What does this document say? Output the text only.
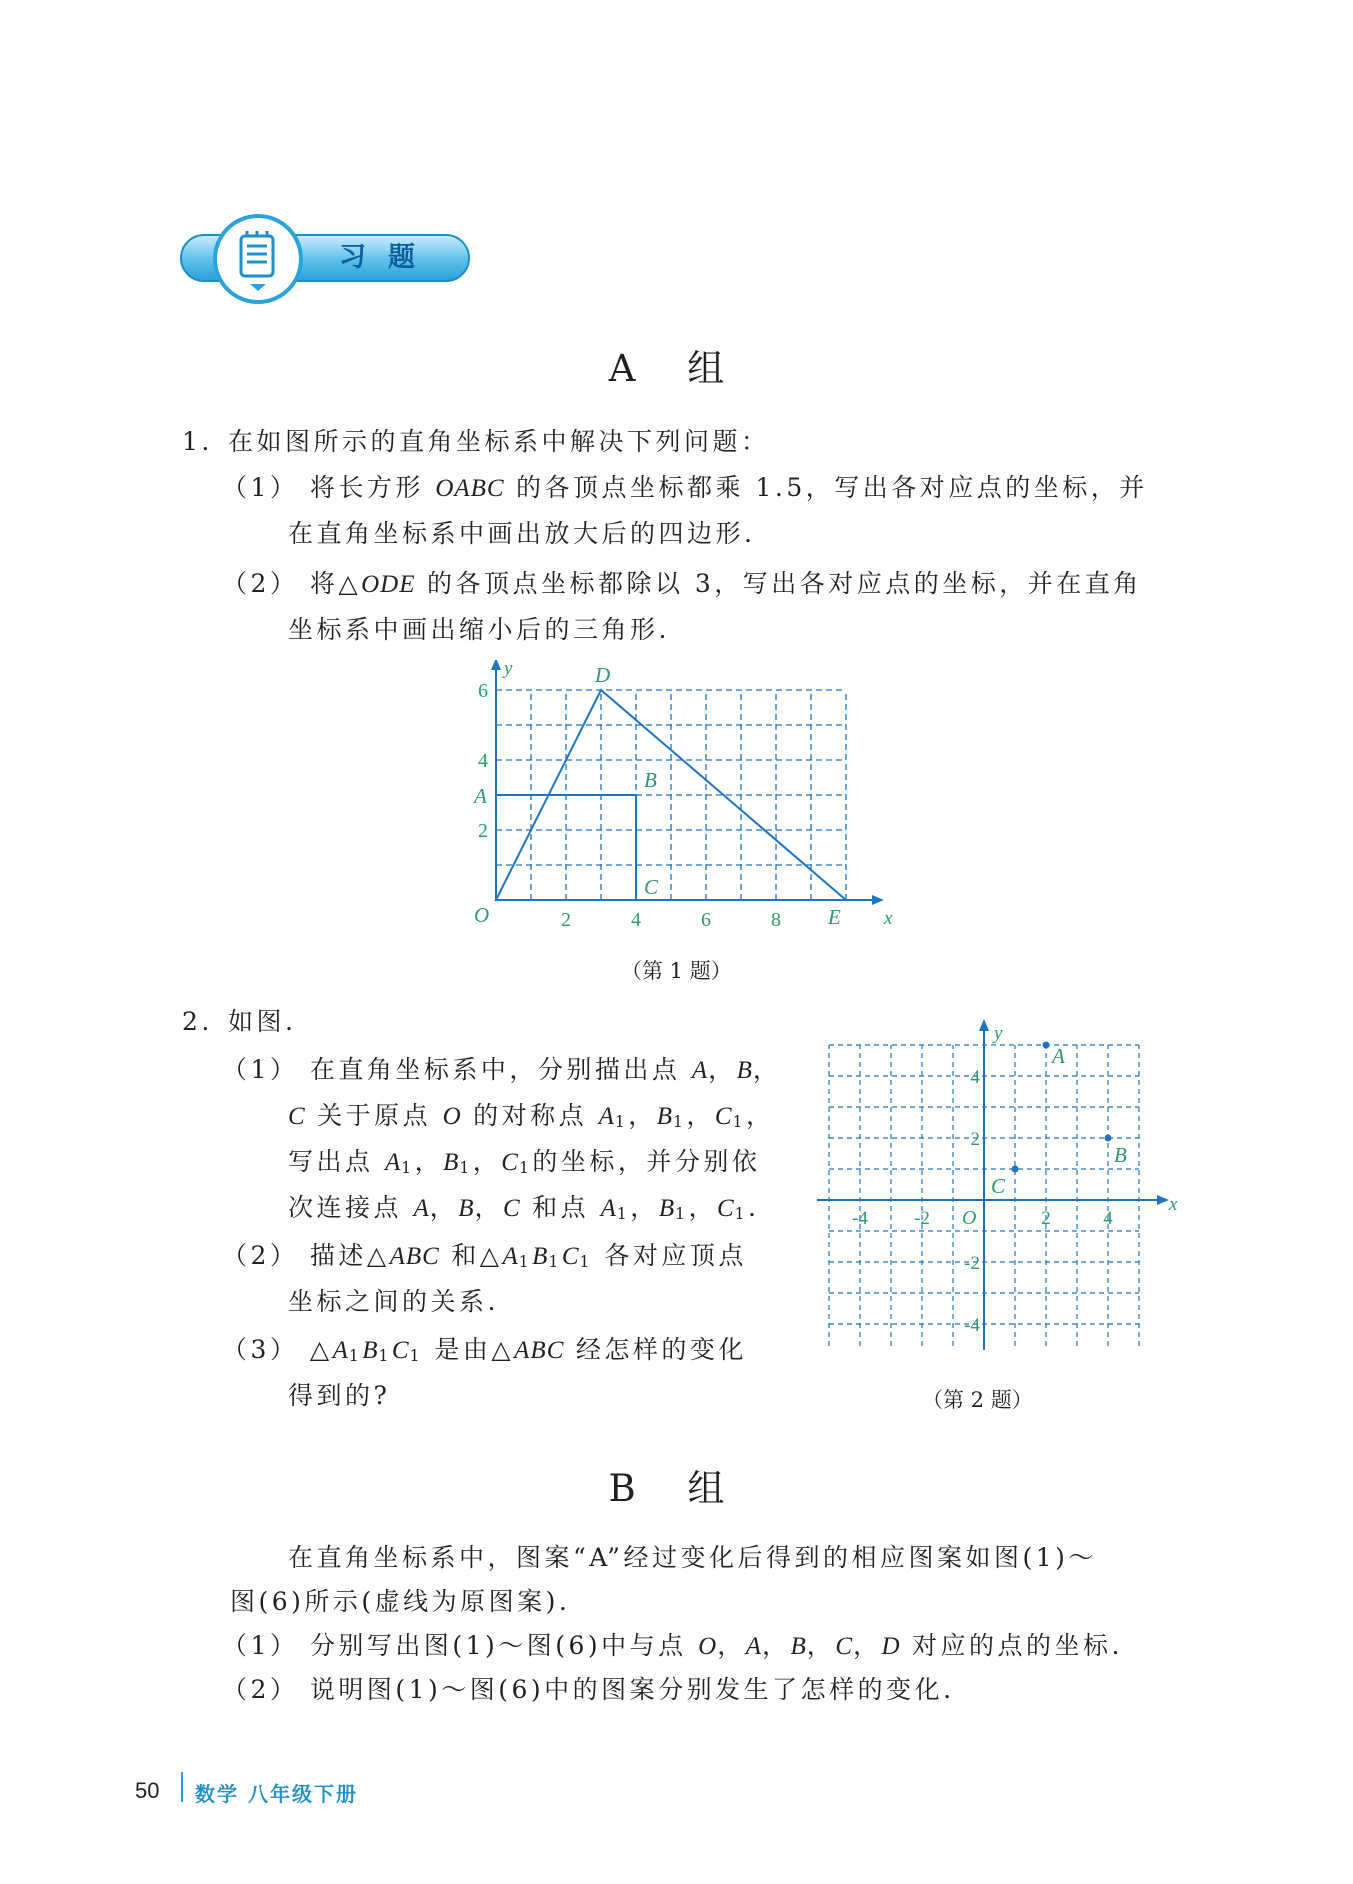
习题
A 组
1. 在如图所示的直角坐标系中解决下列问题：
（1） 将长方形 OABC 的各顶点坐标都乘 1.5，写出各对应点的坐标，并
在直角坐标系中画出放大后的四边形.
（2） 将△ODE 的各顶点坐标都除以 3，写出各对应点的坐标，并在直角
坐标系中画出缩小后的三角形.
2	4	6	8
2
4
6
O
A
B
C
D
E x
y
（第 1 题）
2. 如图.
（1） 在直角坐标系中，分别描出点 A，B，
C 关于原点 O 的对称点 $A_1$，$B_1$，$C_1$，
写出点 $A_1$，$B_1$，$C_1$的坐标，并分别依
次连接点 A，B，C 和点 $A_1$，$B_1$，$C_1$.
（2） 描述△ABC 和$\triangle A_1B_1C_1$ 各对应顶点
坐标之间的关系.
（3） $\triangle A_1B_1C_1$ 是由△ABC 经怎样的变化
得到的?
-4 -2	2	4
4
2
-2
-4
O
A
B
C
x
y
（第 2 题）
B 组
在直角坐标系中，图案“A”经过变化后得到的相应图案如图(1)～
图(6)所示(虚线为原图案).
（1） 分别写出图(1)～图(6)中与点 O，A，B，C，D 对应的点的坐标.
（2） 说明图(1)～图(6)中的图案分别发生了怎样的变化.
50 数学 八年级下册
